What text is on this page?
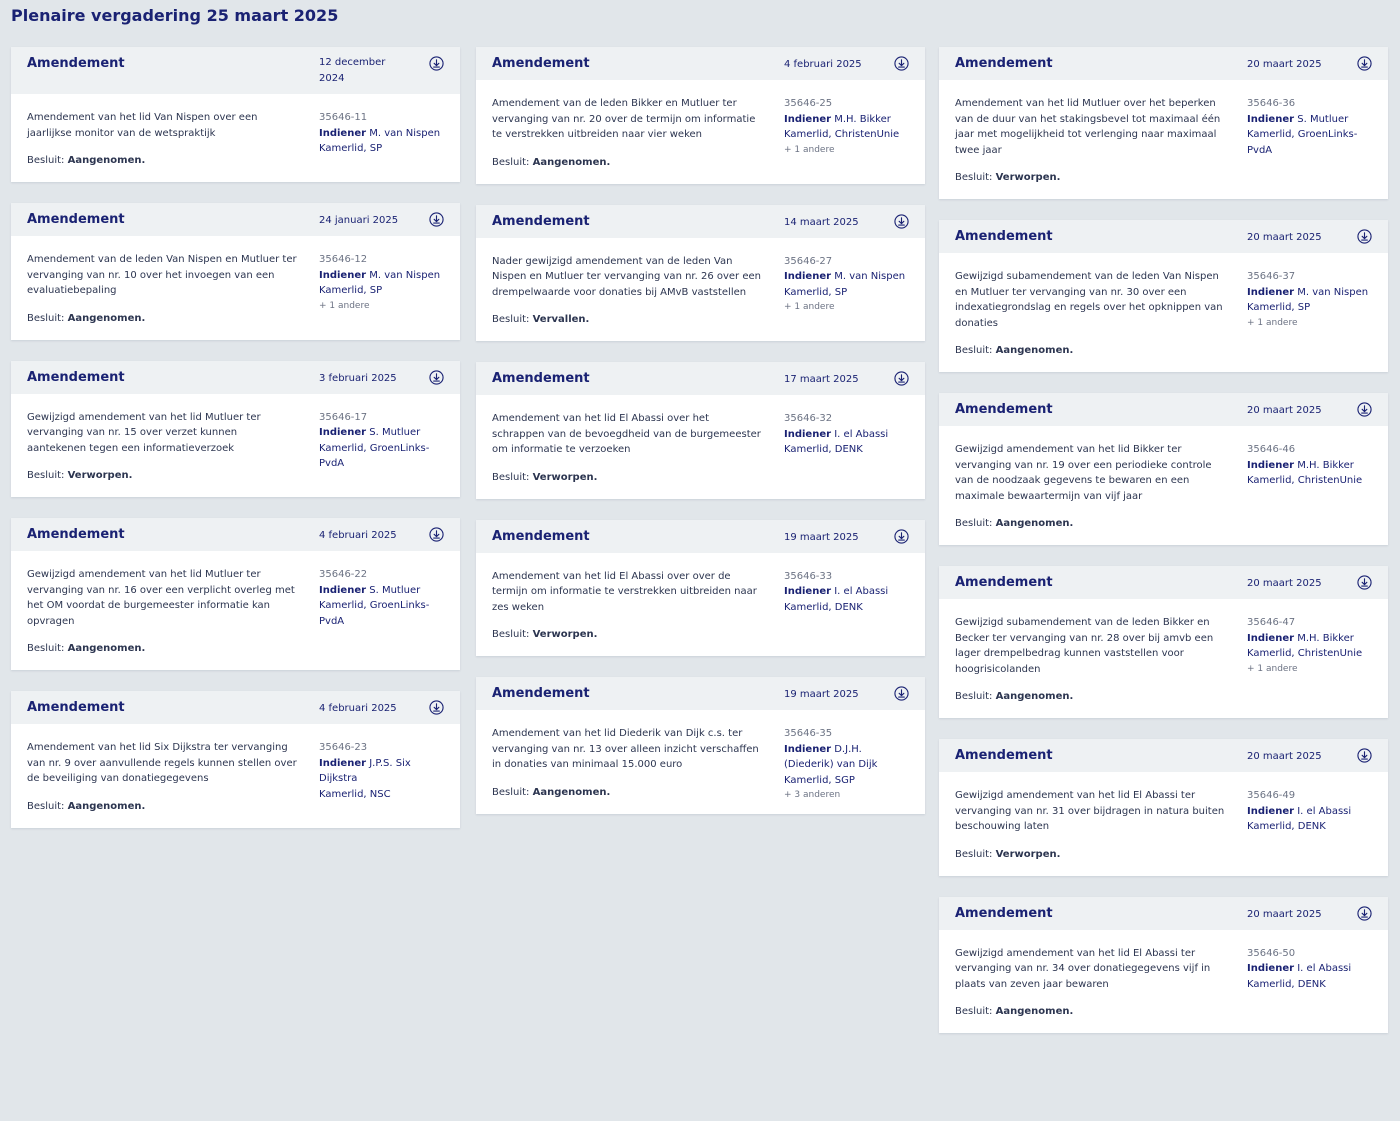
Plenaire vergadering 25 maart 2025
Amendement	12 december 2024
Amendement van het lid Van Nispen over een jaarlijkse monitor van de wetspraktijk
35646-11
Indiener M. van Nispen
Kamerlid, SP
Besluit: Aangenomen.
Amendement	24 januari 2025
Amendement van de leden Van Nispen en Mutluer ter vervanging van nr. 10 over het invoegen van een evaluatiebepaling
35646-12
Indiener M. van Nispen
Kamerlid, SP
+ 1 andere
Besluit: Aangenomen.
Amendement	3 februari 2025
Gewijzigd amendement van het lid Mutluer ter vervanging van nr. 15 over verzet kunnen aantekenen tegen een informatieverzoek
35646-17
Indiener S. Mutluer
Kamerlid, GroenLinks-PvdA
Besluit: Verworpen.
Amendement	4 februari 2025
Gewijzigd amendement van het lid Mutluer ter vervanging van nr. 16 over een verplicht overleg met het OM voordat de burgemeester informatie kan opvragen
35646-22
Indiener S. Mutluer
Kamerlid, GroenLinks-PvdA
Besluit: Aangenomen.
Amendement	4 februari 2025
Amendement van het lid Six Dijkstra ter vervanging van nr. 9 over aanvullende regels kunnen stellen over de beveiliging van donatiegegevens
35646-23
Indiener J.P.S. Six Dijkstra
Kamerlid, NSC
Besluit: Aangenomen.
Amendement	4 februari 2025
Amendement van de leden Bikker en Mutluer ter vervanging van nr. 20 over de termijn om informatie te verstrekken uitbreiden naar vier weken
35646-25
Indiener M.H. Bikker
Kamerlid, ChristenUnie
+ 1 andere
Besluit: Aangenomen.
Amendement	14 maart 2025
Nader gewijzigd amendement van de leden Van Nispen en Mutluer ter vervanging van nr. 26 over een drempelwaarde voor donaties bij AMvB vaststellen
35646-27
Indiener M. van Nispen
Kamerlid, SP
+ 1 andere
Besluit: Vervallen.
Amendement	17 maart 2025
Amendement van het lid El Abassi over het schrappen van de bevoegdheid van de burgemeester om informatie te verzoeken
35646-32
Indiener I. el Abassi
Kamerlid, DENK
Besluit: Verworpen.
Amendement	19 maart 2025
Amendement van het lid El Abassi over over de termijn om informatie te verstrekken uitbreiden naar zes weken
35646-33
Indiener I. el Abassi
Kamerlid, DENK
Besluit: Verworpen.
Amendement	19 maart 2025
Amendement van het lid Diederik van Dijk c.s. ter vervanging van nr. 13 over alleen inzicht verschaffen in donaties van minimaal 15.000 euro
35646-35
Indiener D.J.H. (Diederik) van Dijk
Kamerlid, SGP
+ 3 anderen
Besluit: Aangenomen.
Amendement	20 maart 2025
Amendement van het lid Mutluer over het beperken van de duur van het stakingsbevel tot maximaal één jaar met mogelijkheid tot verlenging naar maximaal twee jaar
35646-36
Indiener S. Mutluer
Kamerlid, GroenLinks-PvdA
Besluit: Verworpen.
Amendement	20 maart 2025
Gewijzigd subamendement van de leden Van Nispen en Mutluer ter vervanging van nr. 30 over een indexatiegrondslag en regels over het opknippen van donaties
35646-37
Indiener M. van Nispen
Kamerlid, SP
+ 1 andere
Besluit: Aangenomen.
Amendement	20 maart 2025
Gewijzigd amendement van het lid Bikker ter vervanging van nr. 19 over een periodieke controle van de noodzaak gegevens te bewaren en een maximale bewaartermijn van vijf jaar
35646-46
Indiener M.H. Bikker
Kamerlid, ChristenUnie
Besluit: Aangenomen.
Amendement	20 maart 2025
Gewijzigd subamendement van de leden Bikker en Becker ter vervanging van nr. 28 over bij amvb een lager drempelbedrag kunnen vaststellen voor hoogrisicolanden
35646-47
Indiener M.H. Bikker
Kamerlid, ChristenUnie
+ 1 andere
Besluit: Aangenomen.
Amendement	20 maart 2025
Gewijzigd amendement van het lid El Abassi ter vervanging van nr. 31 over bijdragen in natura buiten beschouwing laten
35646-49
Indiener I. el Abassi
Kamerlid, DENK
Besluit: Verworpen.
Amendement	20 maart 2025
Gewijzigd amendement van het lid El Abassi ter vervanging van nr. 34 over donatiegegevens vijf in plaats van zeven jaar bewaren
35646-50
Indiener I. el Abassi
Kamerlid, DENK
Besluit: Aangenomen.
